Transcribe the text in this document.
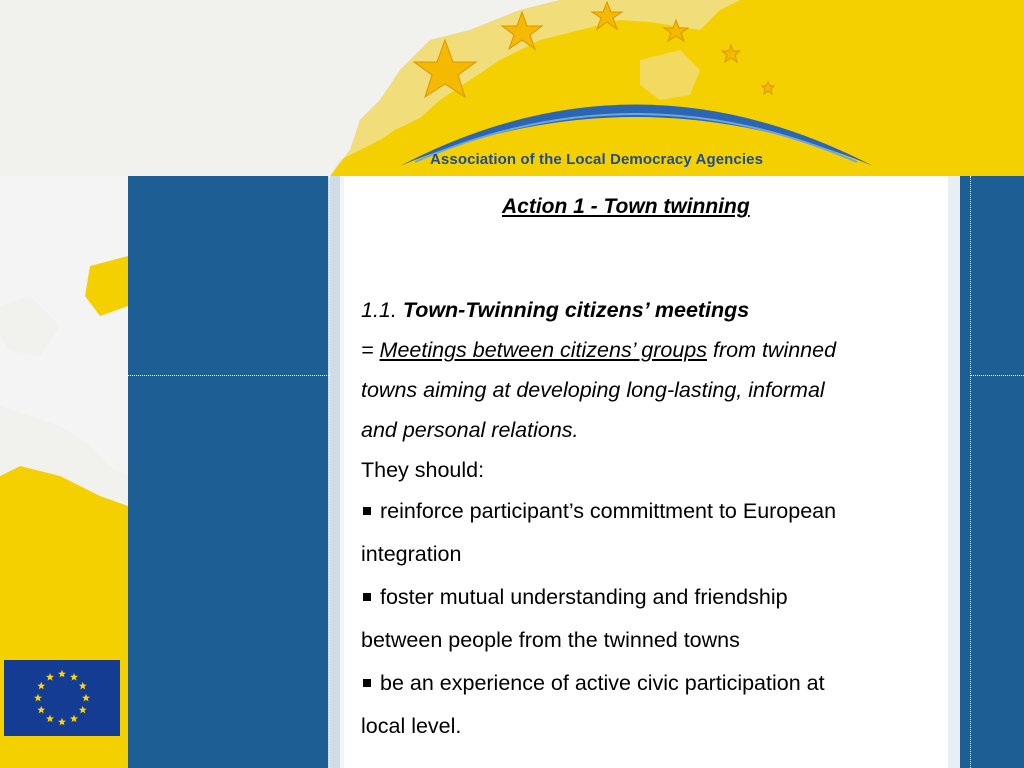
Association of the Local Democracy Agencies
Action 1 - Town twinning
1.1. Town-Twinning citizens’ meetings
= Meetings between citizens’ groups from twinned
towns aiming at developing long-lasting, informal
and personal relations.
They should:
reinforce participant’s committment to European
integration
foster mutual understanding and friendship
between people from the twinned towns
be an experience of active civic participation at
local level.
